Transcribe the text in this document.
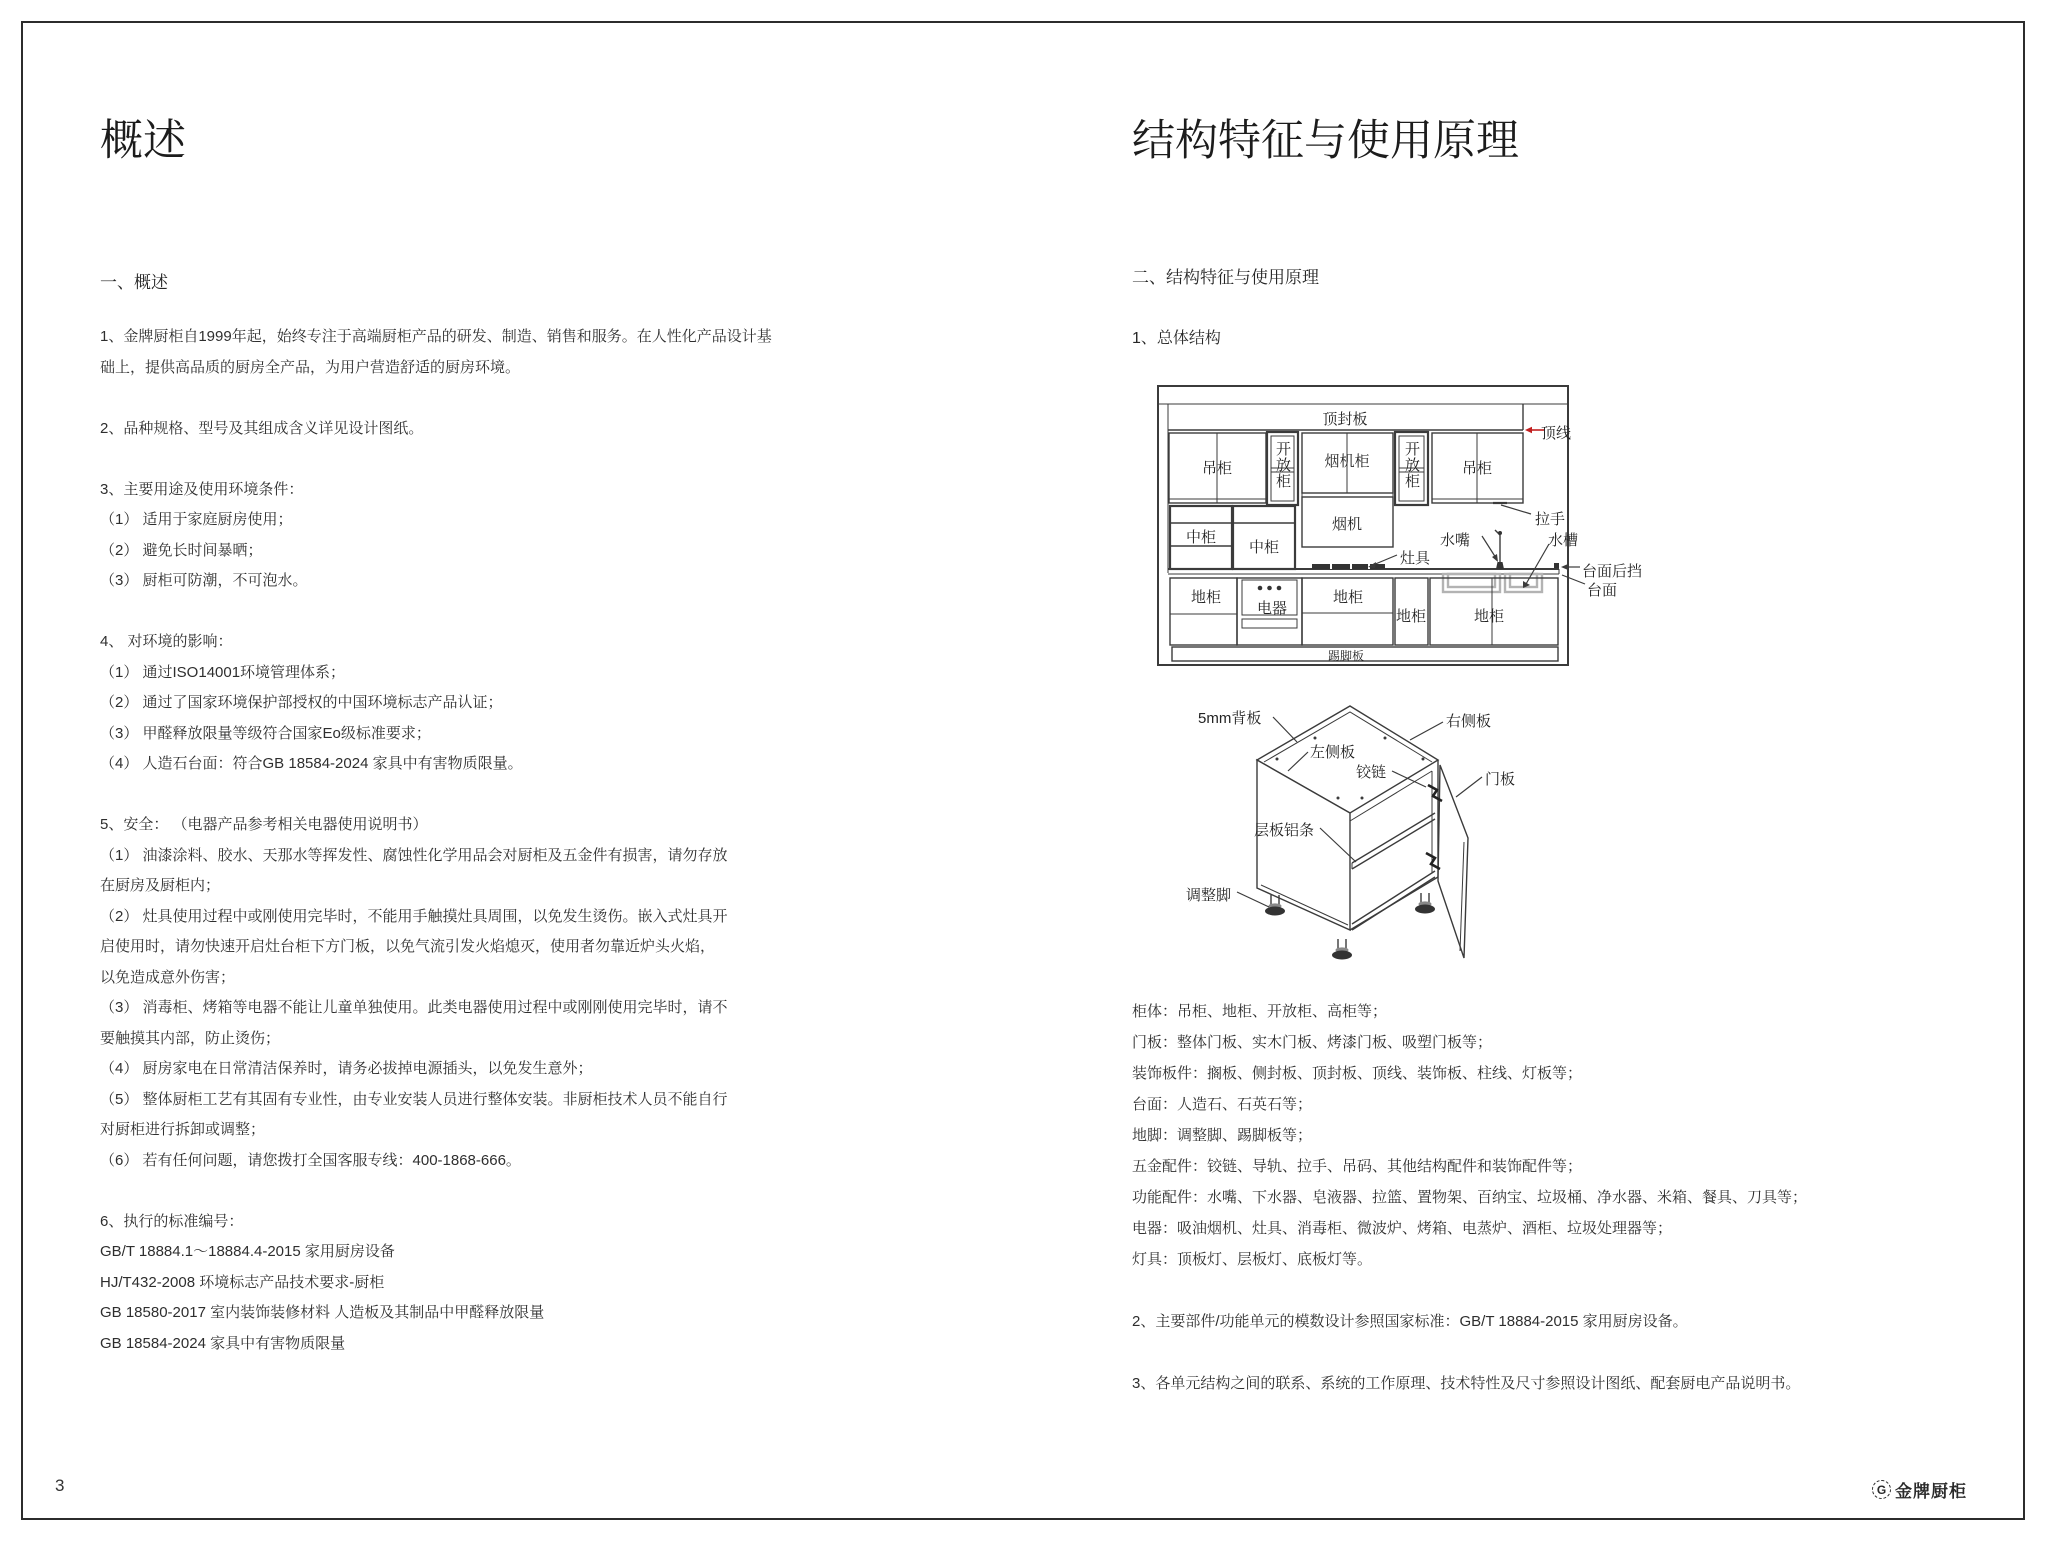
概述
一、概述
1、金牌厨柜自1999年起，始终专注于高端厨柜产品的研发、制造、销售和服务。在人性化产品设计基
础上，提供高品质的厨房全产品，为用户营造舒适的厨房环境。
2、品种规格、型号及其组成含义详见设计图纸。
3、主要用途及使用环境条件：
（1） 适用于家庭厨房使用；
（2） 避免长时间暴晒；
（3） 厨柜可防潮，不可泡水。
4、 对环境的影响：
（1） 通过ISO14001环境管理体系；
（2） 通过了国家环境保护部授权的中国环境标志产品认证；
（3） 甲醛释放限量等级符合国家Eo级标准要求；
（4） 人造石台面：符合GB 18584-2024 家具中有害物质限量。
5、安全： （电器产品参考相关电器使用说明书）
（1） 油漆涂料、胶水、天那水等挥发性、腐蚀性化学用品会对厨柜及五金件有损害，请勿存放
在厨房及厨柜内；
（2） 灶具使用过程中或刚使用完毕时，不能用手触摸灶具周围，以免发生烫伤。嵌入式灶具开
启使用时，请勿快速开启灶台柜下方门板，以免气流引发火焰熄灭，使用者勿靠近炉头火焰，
以免造成意外伤害；
（3） 消毒柜、烤箱等电器不能让儿童单独使用。此类电器使用过程中或刚刚使用完毕时，请不
要触摸其内部，防止烫伤；
（4） 厨房家电在日常清洁保养时，请务必拔掉电源插头，以免发生意外；
（5） 整体厨柜工艺有其固有专业性，由专业安装人员进行整体安装。非厨柜技术人员不能自行
对厨柜进行拆卸或调整；
（6） 若有任何问题，请您拨打全国客服专线：400-1868-666。
6、执行的标准编号：
GB/T 18884.1～18884.4-2015 家用厨房设备
HJ/T432-2008 环境标志产品技术要求-厨柜
GB 18580-2017 室内装饰装修材料 人造板及其制品中甲醛释放限量
GB 18584-2024 家具中有害物质限量
结构特征与使用原理
二、结构特征与使用原理
1、总体结构
顶封板
顶线
吊柜	开放柜	烟机柜	开放柜	吊柜
拉手
中柜
中柜
烟机
灶具
水嘴	水槽
台面后挡
台面
地柜
电器
地柜
地柜	地柜
踢脚板
5mm背板	右侧板
左侧板
铰链	门板
层板铝条
调整脚
柜体：吊柜、地柜、开放柜、高柜等；
门板：整体门板、实木门板、烤漆门板、吸塑门板等；
装饰板件：搁板、侧封板、顶封板、顶线、装饰板、柱线、灯板等；
台面：人造石、石英石等；
地脚：调整脚、踢脚板等；
五金配件：铰链、导轨、拉手、吊码、其他结构配件和装饰配件等；
功能配件：水嘴、下水器、皂液器、拉篮、置物架、百纳宝、垃圾桶、净水器、米箱、餐具、刀具等；
电器：吸油烟机、灶具、消毒柜、微波炉、烤箱、电蒸炉、酒柜、垃圾处理器等；
灯具：顶板灯、层板灯、底板灯等。
2、主要部件/功能单元的模数设计参照国家标准：GB/T 18884-2015 家用厨房设备。
3、各单元结构之间的联系、系统的工作原理、技术特性及尺寸参照设计图纸、配套厨电产品说明书。
3	G 金牌厨柜
